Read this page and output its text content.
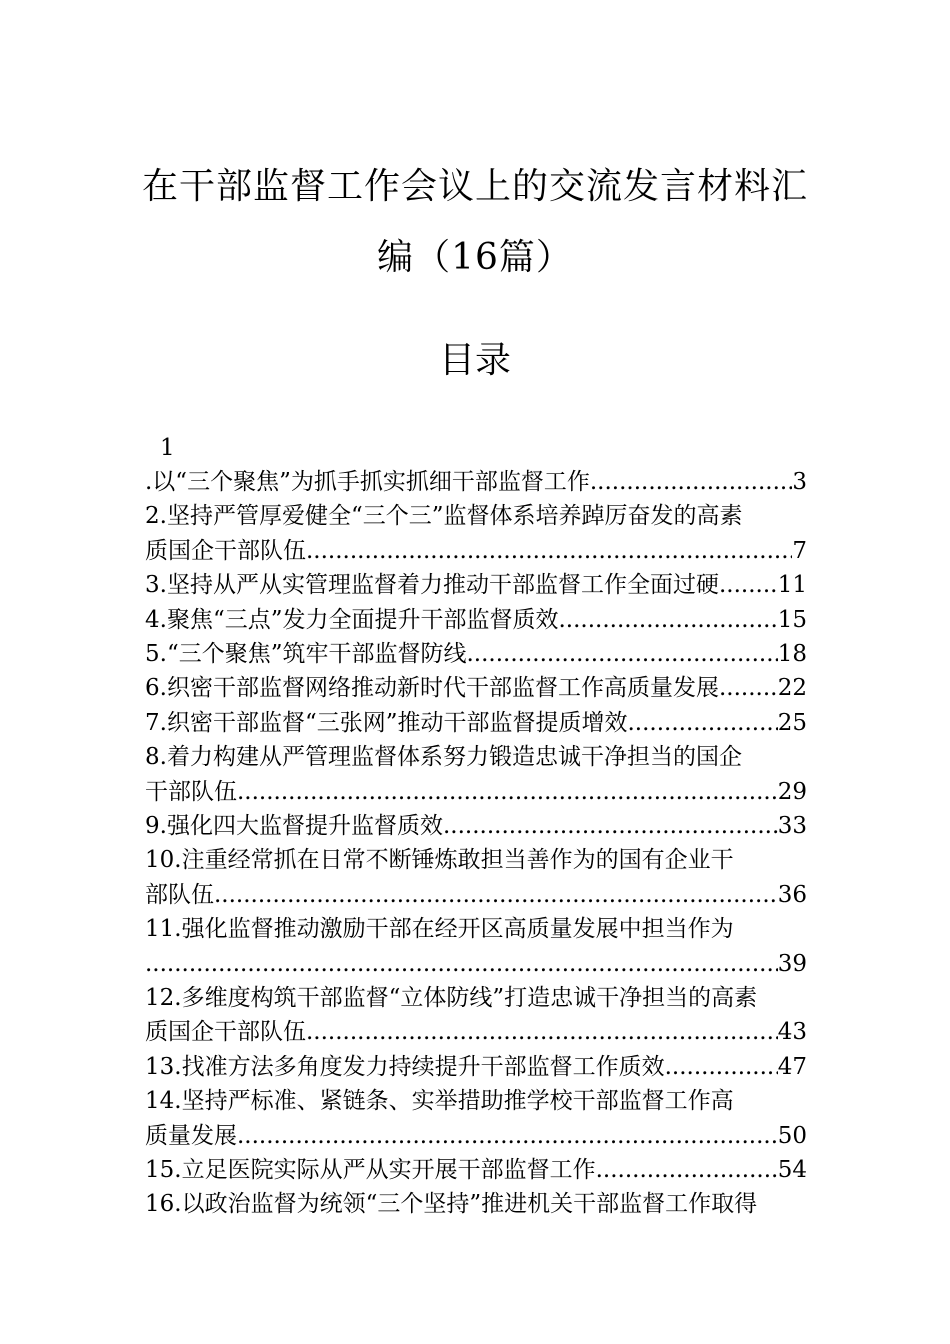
在干部监督工作会议上的交流发言材料汇
编（16篇）
目录
1
.以“三个聚焦”为抓手抓实抓细干部监督工作 .....	3
2.坚持严管厚爱健全“三个三”监督体系培养踔厉奋发的高素
质国企干部队伍 .....	7
3.坚持从严从实管理监督着力推动干部监督工作全面过硬 .....	11
4.聚焦“三点”发力全面提升干部监督质效 .....	15
5.“三个聚焦”筑牢干部监督防线 .....	18
6.织密干部监督网络推动新时代干部监督工作高质量发展 .....	22
7.织密干部监督“三张网”推动干部监督提质增效 .....	25
8.着力构建从严管理监督体系努力锻造忠诚干净担当的国企
干部队伍 .....	29
9.强化四大监督提升监督质效 .....	33
10.注重经常抓在日常不断锤炼敢担当善作为的国有企业干
部队伍 .....	36
11.强化监督推动激励干部在经开区高质量发展中担当作为
.....
39
12.多维度构筑干部监督“立体防线”打造忠诚干净担当的高素
质国企干部队伍 .....	43
13.找准方法多角度发力持续提升干部监督工作质效 .....	47
14.坚持严标准、紧链条、实举措助推学校干部监督工作高
质量发展 .....	50
15.立足医院实际从严从实开展干部监督工作 .....	54
16.以政治监督为统领“三个坚持”推进机关干部监督工作取得
